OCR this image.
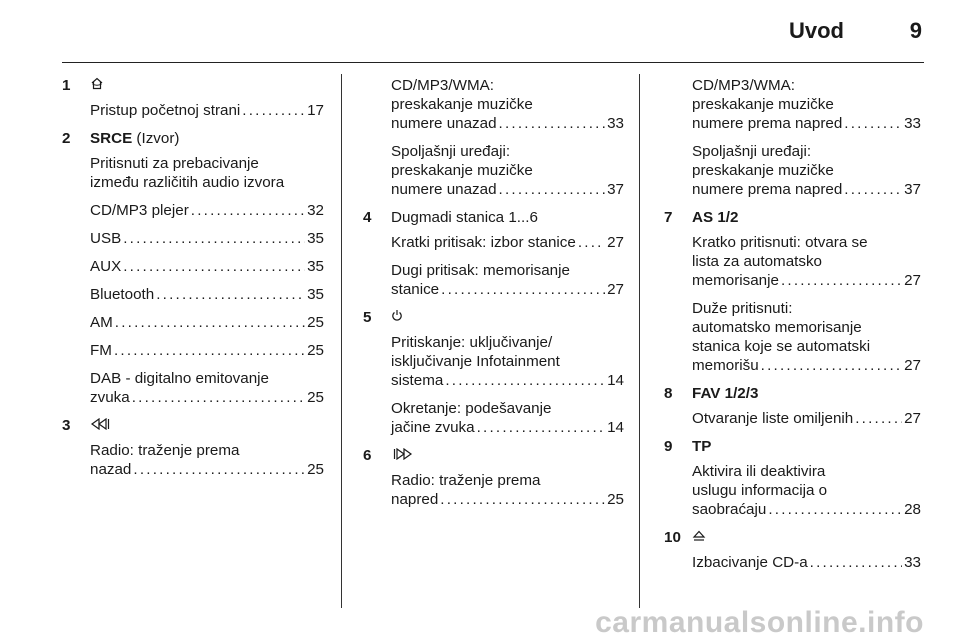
Uvod	9
1
Pristup početnoj strani . . .	17
2 SRCE (Izvor)
Pritisnuti za prebacivanje
između različitih audio izvora
CD/MP3 plejer . . .	32
USB . . .	35
AUX . . .	35
Bluetooth . . .	35
AM . . .	25
FM . . .	25
DAB - digitalno emitovanje
zvuka . . .	25
3
Radio: traženje prema
nazad . . .	25
CD/MP3/WMA:
preskakanje muzičke
numere unazad . . .	33
Spoljašnji uređaji:
preskakanje muzičke
numere unazad . . .	37
4 Dugmadi stanica 1...6
Kratki pritisak: izbor stanice . . . 27
Dugi pritisak: memorisanje
stanice . . .	27
5
Pritiskanje: uključivanje/
isključivanje Infotainment
sistema . . .	14
Okretanje: podešavanje
jačine zvuka . . .	14
6
Radio: traženje prema
napred . . .	25
CD/MP3/WMA:
preskakanje muzičke
numere prema napred . . .	33
Spoljašnji uređaji:
preskakanje muzičke
numere prema napred . . .	37
7 AS 1/2
Kratko pritisnuti: otvara se
lista za automatsko
memorisanje . . .	27
Duže pritisnuti:
automatsko memorisanje
stanica koje se automatski
memorišu . . .	27
8 FAV 1/2/3
Otvaranje liste omiljenih . . .	27
9 TP
Aktivira ili deaktivira
uslugu informacija o
saobraćaju . . .	28
10
Izbacivanje CD-a . . .	33
carmanualsonline.info
